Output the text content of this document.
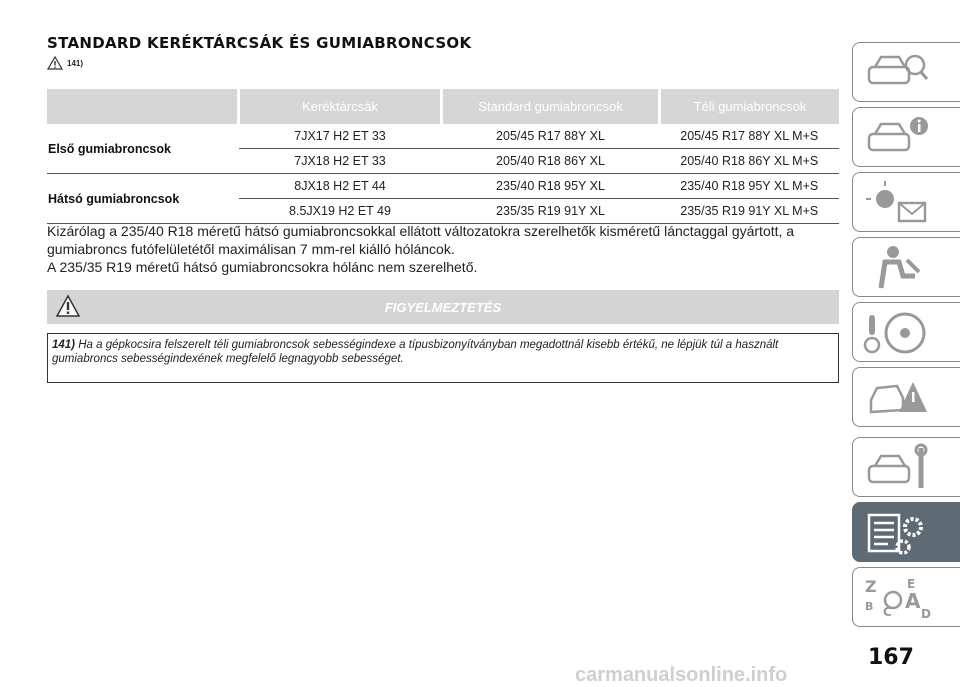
STANDARD KERÉKTÁRCSÁK ÉS GUMIABRONCSOK
141)
	Keréktárcsák	Standard gumiabroncsok	Téli gumiabroncsok
Első gumiabroncsok	7JX17 H2 ET 33	205/45 R17 88Y XL	205/45 R17 88Y XL M+S
	7JX18 H2 ET 33	205/40 R18 86Y XL	205/40 R18 86Y XL M+S
Hátsó gumiabroncsok	8JX18 H2 ET 44	235/40 R18 95Y XL	235/40 R18 95Y XL M+S
	8.5JX19 H2 ET 49	235/35 R19 91Y XL	235/35 R19 91Y XL M+S
Kizárólag a 235/40 R18 méretű hátsó gumiabroncsokkal ellátott változatokra szerelhetők kisméretű lánctaggal gyártott, a gumiabroncs futófelületétől maximálisan 7 mm-rel kiálló hóláncok.
A 235/35 R19 méretű hátsó gumiabroncsokra hólánc nem szerelhető.
FIGYELMEZTETÉS
141) Ha a gépkocsira felszerelt téli gumiabroncsok sebességindexe a típusbizonyítványban megadottnál kisebb értékű, ne lépjük túl a használt gumiabroncs sebességindexének megfelelő legnagyobb sebességet.
Z	E
A
B C D
167
carmanualsonline.info
